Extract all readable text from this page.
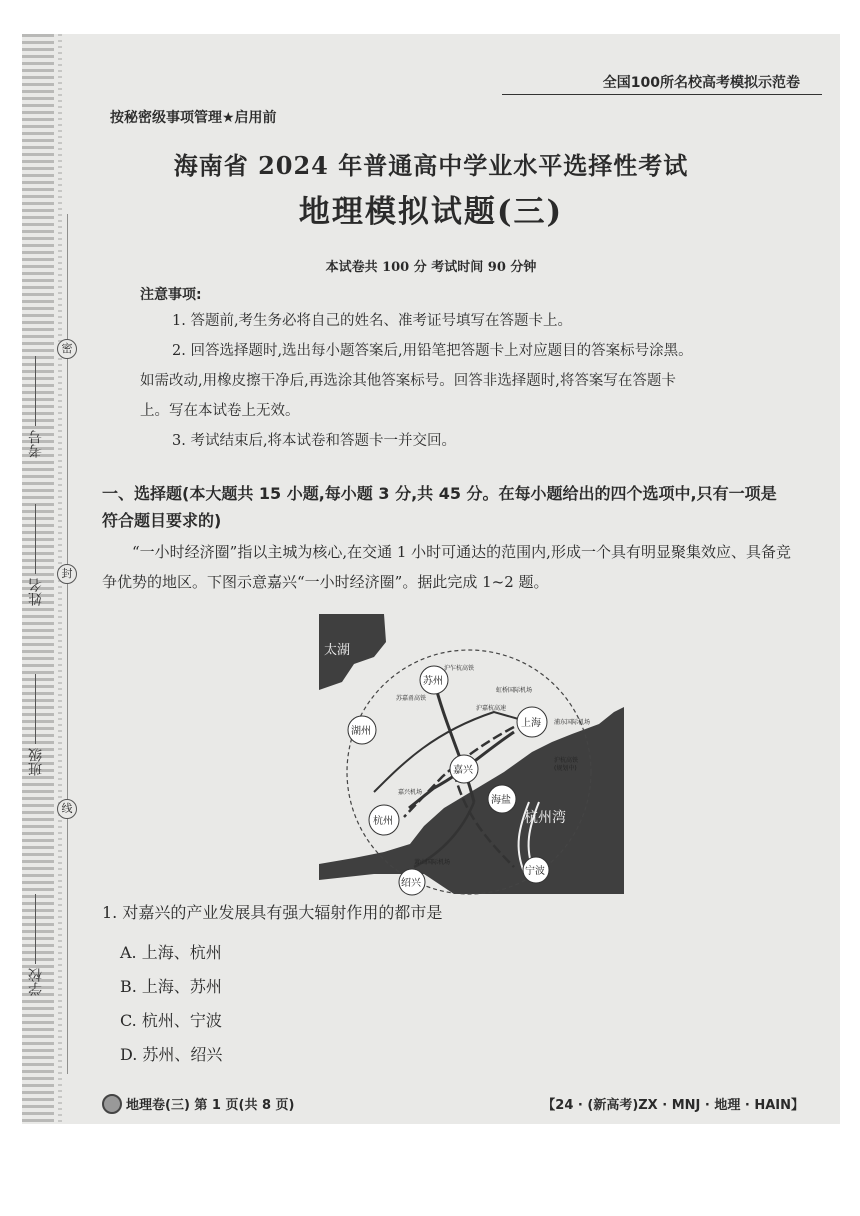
考号
姓名
班级
学校
密
封
线
全国100所名校高考模拟示范卷
按秘密级事项管理★启用前
海南省 2024 年普通高中学业水平选择性考试
地理模拟试题(三)
本试卷共 100 分 考试时间 90 分钟
注意事项:
1. 答题前,考生务必将自己的姓名、准考证号填写在答题卡上。
2. 回答选择题时,选出每小题答案后,用铅笔把答题卡上对应题目的答案标号涂黑。
如需改动,用橡皮擦干净后,再选涂其他答案标号。回答非选择题时,将答案写在答题卡
上。写在本试卷上无效。
3. 考试结束后,将本试卷和答题卡一并交回。
一、选择题(本大题共 15 小题,每小题 3 分,共 45 分。在每小题给出的四个选项中,只有一项是符合题目要求的)
“一小时经济圈”指以主城为核心,在交通 1 小时可通达的范围内,形成一个具有明显聚集效应、具备竞争优势的地区。下图示意嘉兴“一小时经济圈”。据此完成 1~2 题。
太湖
杭州湾
苏州
上海
湖州
嘉兴
海盐
杭州
绍兴
宁波
虹桥国际机场
浦东国际机场
嘉兴机场
萧山国际机场
沪乍杭高铁
苏嘉甬高铁
沪嘉杭高速
沪杭高铁
(规划中)
1. 对嘉兴的产业发展具有强大辐射作用的都市是
A. 上海、杭州
B. 上海、苏州
C. 杭州、宁波
D. 苏州、绍兴
地理卷(三) 第 1 页(共 8 页)	【24 · (新高考)ZX · MNJ · 地理 · HAIN】
